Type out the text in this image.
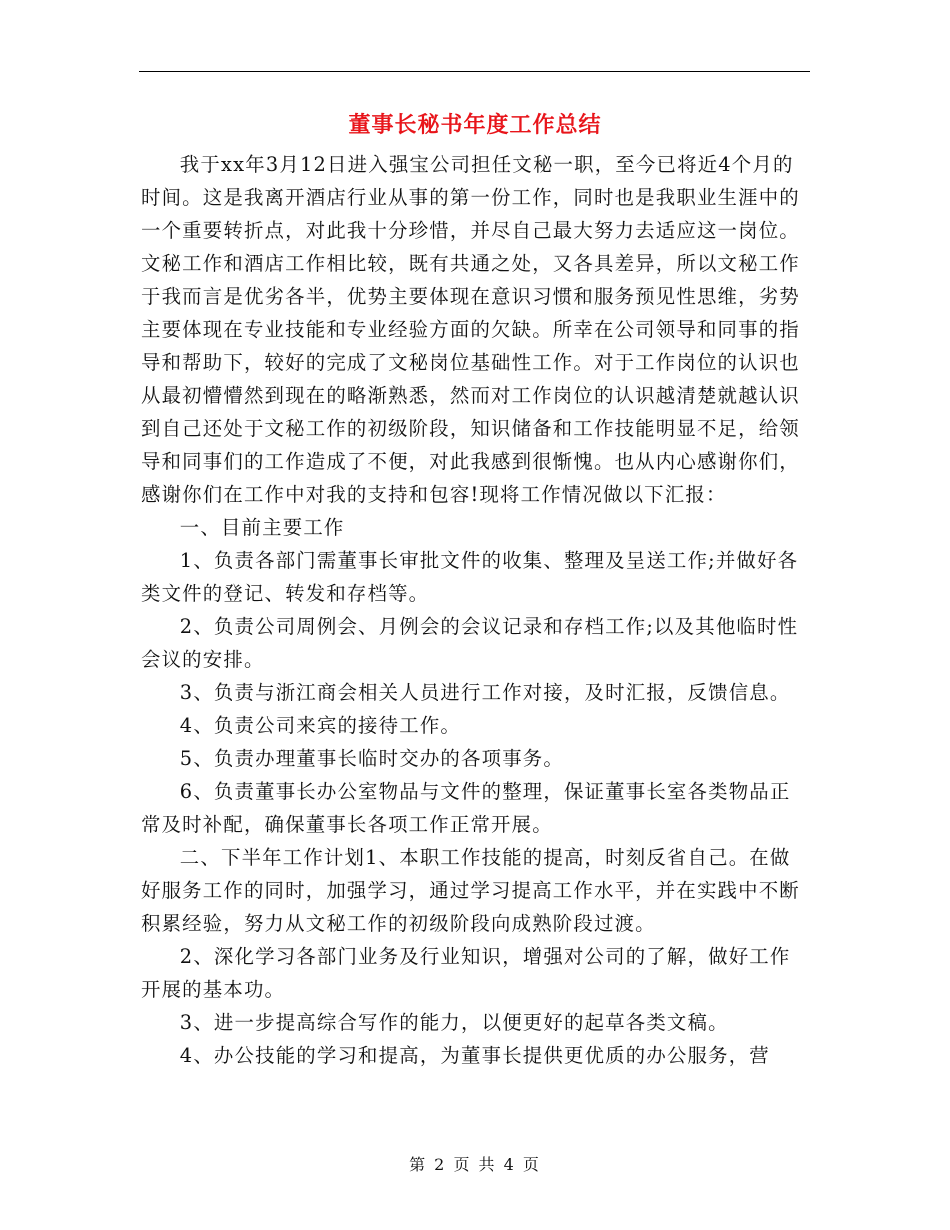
董事长秘书年度工作总结

我于xx年3月12日进入强宝公司担任文秘一职，至今已将近4个月的时间。这是我离开酒店行业从事的第一份工作，同时也是我职业生涯中的一个重要转折点，对此我十分珍惜，并尽自己最大努力去适应这一岗位。文秘工作和酒店工作相比较，既有共通之处，又各具差异，所以文秘工作于我而言是优劣各半，优势主要体现在意识习惯和服务预见性思维，劣势主要体现在专业技能和专业经验方面的欠缺。所幸在公司领导和同事的指导和帮助下，较好的完成了文秘岗位基础性工作。对于工作岗位的认识也从最初懵懵然到现在的略渐熟悉，然而对工作岗位的认识越清楚就越认识到自己还处于文秘工作的初级阶段，知识储备和工作技能明显不足，给领导和同事们的工作造成了不便，对此我感到很惭愧。也从内心感谢你们，感谢你们在工作中对我的支持和包容!现将工作情况做以下汇报：

一、目前主要工作

1、负责各部门需董事长审批文件的收集、整理及呈送工作;并做好各类文件的登记、转发和存档等。

2、负责公司周例会、月例会的会议记录和存档工作;以及其他临时性会议的安排。

3、负责与浙江商会相关人员进行工作对接，及时汇报，反馈信息。

4、负责公司来宾的接待工作。

5、负责办理董事长临时交办的各项事务。

6、负责董事长办公室物品与文件的整理，保证董事长室各类物品正常及时补配，确保董事长各项工作正常开展。

二、下半年工作计划1、本职工作技能的提高，时刻反省自己。在做好服务工作的同时，加强学习，通过学习提高工作水平，并在实践中不断积累经验，努力从文秘工作的初级阶段向成熟阶段过渡。

2、深化学习各部门业务及行业知识，增强对公司的了解，做好工作开展的基本功。

3、进一步提高综合写作的能力，以便更好的起草各类文稿。

4、办公技能的学习和提高，为董事长提供更优质的办公服务，营

第 2 页 共 4 页
